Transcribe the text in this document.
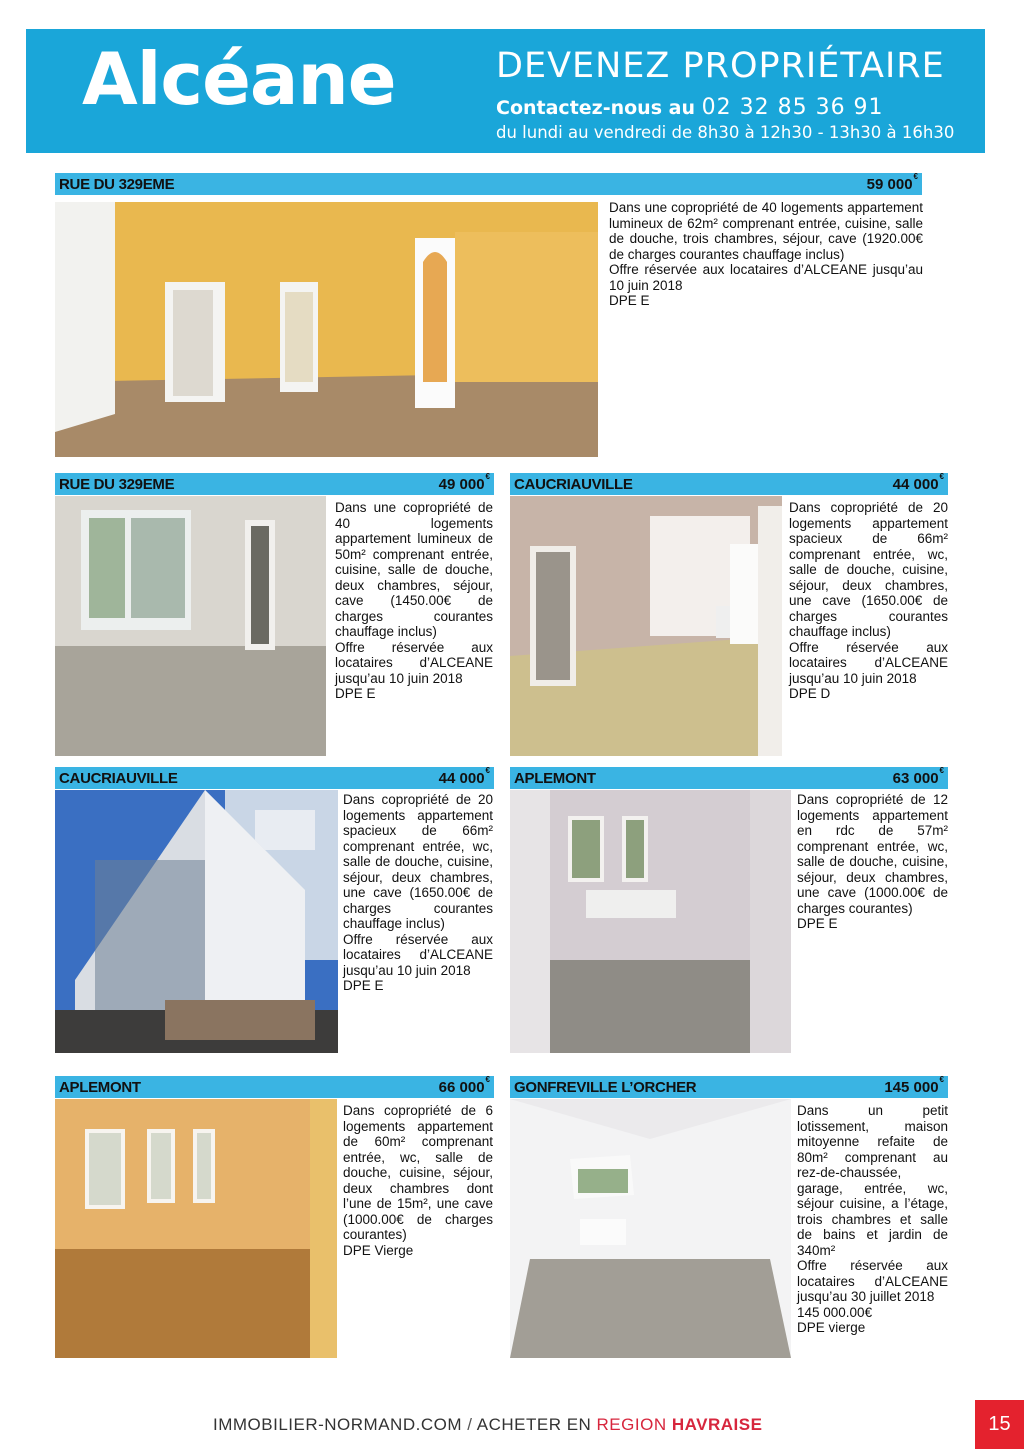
Alcéane	DEVENEZ PROPRIÉTAIRE
Contactez-nous au 02 32 85 36 91
du lundi au vendredi de 8h30 à 12h30 - 13h30 à 16h30
RUE DU 329EME	59 000€

Dans une copropriété de 40 logements appartement lumineux de 62m² comprenant entrée, cuisine, salle de douche, trois chambres, séjour, cave (1920.00€ de charges courantes chauffage inclus)
Offre réservée aux locataires d’ALCEANE jusqu’au 10 juin 2018
DPE E

RUE DU 329EME	49 000€

Dans une copropriété de 40 logements appartement lumineux de 50m² comprenant entrée, cuisine, salle de douche, deux chambres, séjour, cave (1450.00€ de charges courantes chauffage inclus)
Offre réservée aux locataires d’ALCEANE jusqu’au 10 juin 2018
DPE E

CAUCRIAUVILLE	44 000€

Dans copropriété de 20 logements appartement spacieux de 66m² comprenant entrée, wc, salle de douche, cuisine, séjour, deux chambres, une cave (1650.00€ de charges courantes chauffage inclus)
Offre réservée aux locataires d’ALCEANE jusqu’au 10 juin 2018
DPE D

CAUCRIAUVILLE	44 000€

Dans copropriété de 20 logements appartement spacieux de 66m² comprenant entrée, wc, salle de douche, cuisine, séjour, deux chambres, une cave (1650.00€ de charges courantes chauffage inclus)
Offre réservée aux locataires d’ALCEANE jusqu’au 10 juin 2018
DPE E

APLEMONT	63 000€

Dans copropriété de 12 logements appartement en rdc de 57m² comprenant entrée, wc, salle de douche, cuisine, séjour, deux chambres, une cave (1000.00€ de charges courantes)
DPE E

APLEMONT	66 000€

Dans copropriété de 6 logements appartement de 60m² comprenant entrée, wc, salle de douche, cuisine, séjour, deux chambres dont l’une de 15m², une cave (1000.00€ de charges courantes)
DPE Vierge

GONFREVILLE L’ORCHER	145 000€

Dans un petit lotissement, maison mitoyenne refaite de 80m² comprenant au rez-de-chaussée, garage, entrée, wc, séjour cuisine, a l’étage, trois chambres et salle de bains et jardin de 340m²
Offre réservée aux locataires d’ALCEANE jusqu’au 30 juillet 2018
145 000.00€
DPE vierge

IMMOBILIER-NORMAND.COM / ACHETER EN REGION HAVRAISE	15
